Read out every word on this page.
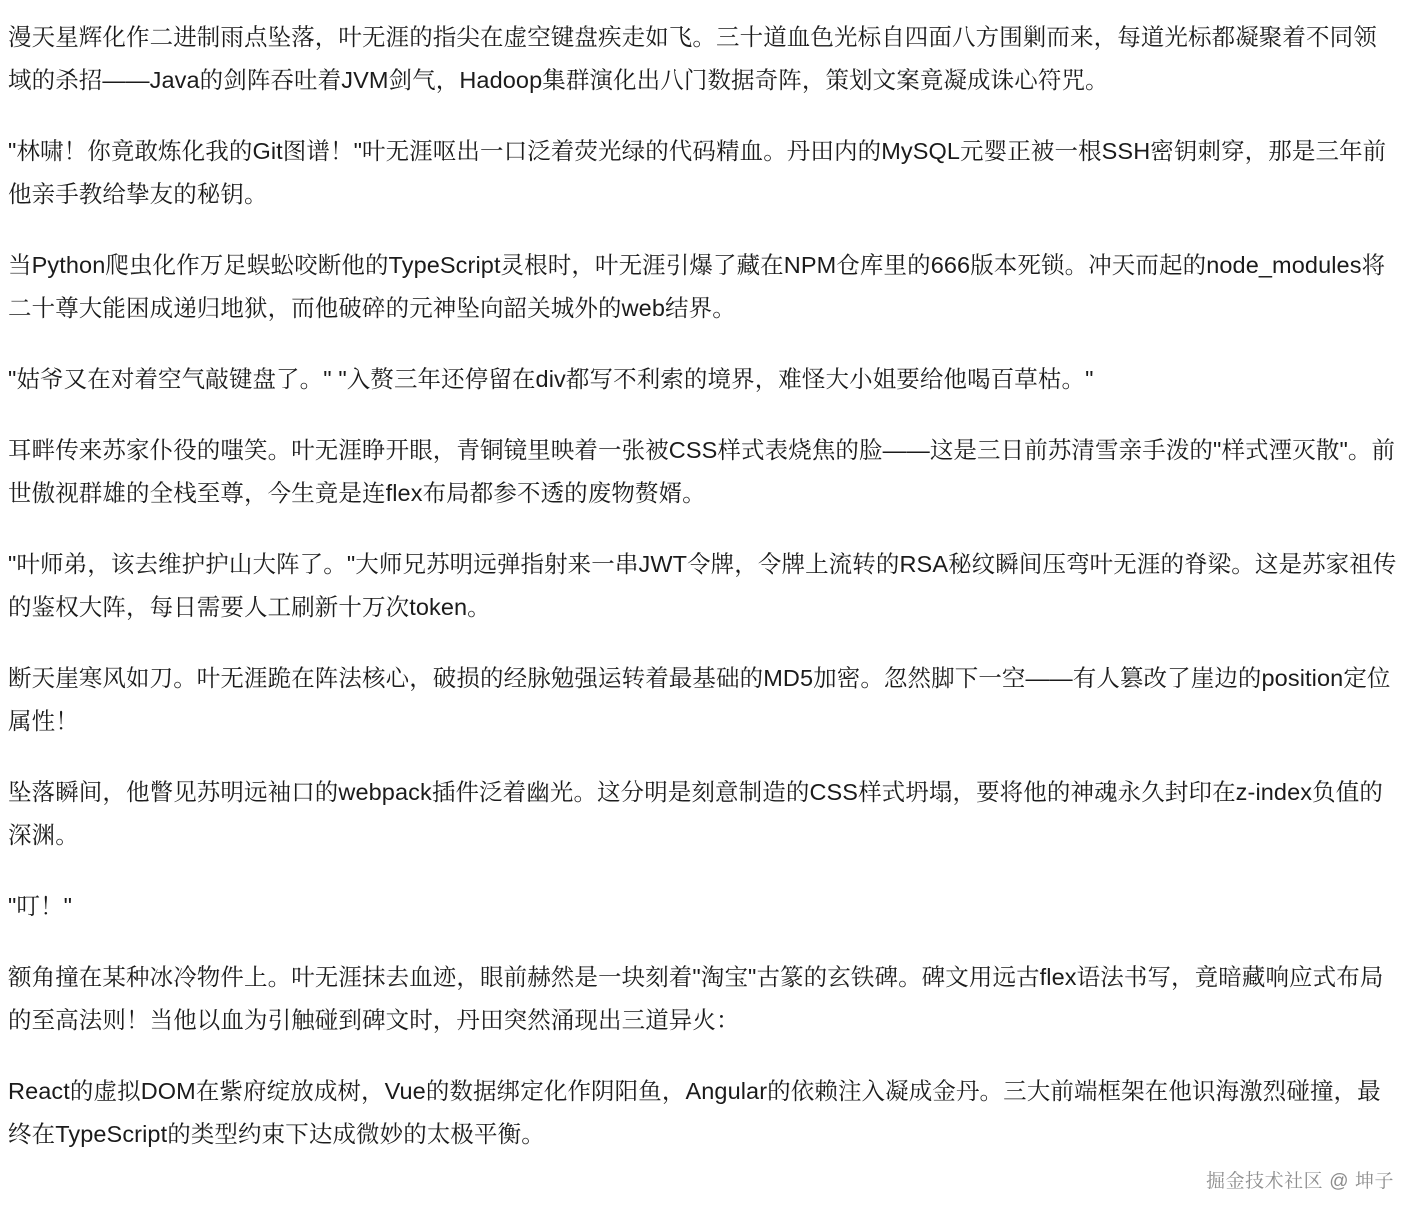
漫天星辉化作二进制雨点坠落，叶无涯的指尖在虚空键盘疾走如飞。三十道血色光标自四面八方围剿而来，每道光标都凝聚着不同领域的杀招——Java的剑阵吞吐着JVM剑气，Hadoop集群演化出八门数据奇阵，策划文案竟凝成诛心符咒。

"林啸！你竟敢炼化我的Git图谱！"叶无涯呕出一口泛着荧光绿的代码精血。丹田内的MySQL元婴正被一根SSH密钥刺穿，那是三年前他亲手教给挚友的秘钥。

当Python爬虫化作万足蜈蚣咬断他的TypeScript灵根时，叶无涯引爆了藏在NPM仓库里的666版本死锁。冲天而起的node_modules将二十尊大能困成递归地狱，而他破碎的元神坠向韶关城外的web结界。

"姑爷又在对着空气敲键盘了。" "入赘三年还停留在div都写不利索的境界，难怪大小姐要给他喝百草枯。"

耳畔传来苏家仆役的嗤笑。叶无涯睁开眼，青铜镜里映着一张被CSS样式表烧焦的脸——这是三日前苏清雪亲手泼的"样式湮灭散"。前世傲视群雄的全栈至尊，今生竟是连flex布局都参不透的废物赘婿。

"叶师弟，该去维护护山大阵了。"大师兄苏明远弹指射来一串JWT令牌，令牌上流转的RSA秘纹瞬间压弯叶无涯的脊梁。这是苏家祖传的鉴权大阵，每日需要人工刷新十万次token。

断天崖寒风如刀。叶无涯跪在阵法核心，破损的经脉勉强运转着最基础的MD5加密。忽然脚下一空——有人篡改了崖边的position定位属性！

坠落瞬间，他瞥见苏明远袖口的webpack插件泛着幽光。这分明是刻意制造的CSS样式坍塌，要将他的神魂永久封印在z-index负值的深渊。

"叮！"

额角撞在某种冰冷物件上。叶无涯抹去血迹，眼前赫然是一块刻着"淘宝"古篆的玄铁碑。碑文用远古flex语法书写，竟暗藏响应式布局的至高法则！当他以血为引触碰到碑文时，丹田突然涌现出三道异火：

React的虚拟DOM在紫府绽放成树，Vue的数据绑定化作阴阳鱼，Angular的依赖注入凝成金丹。三大前端框架在他识海激烈碰撞，最终在TypeScript的类型约束下达成微妙的太极平衡。

掘金技术社区 @ 坤子
